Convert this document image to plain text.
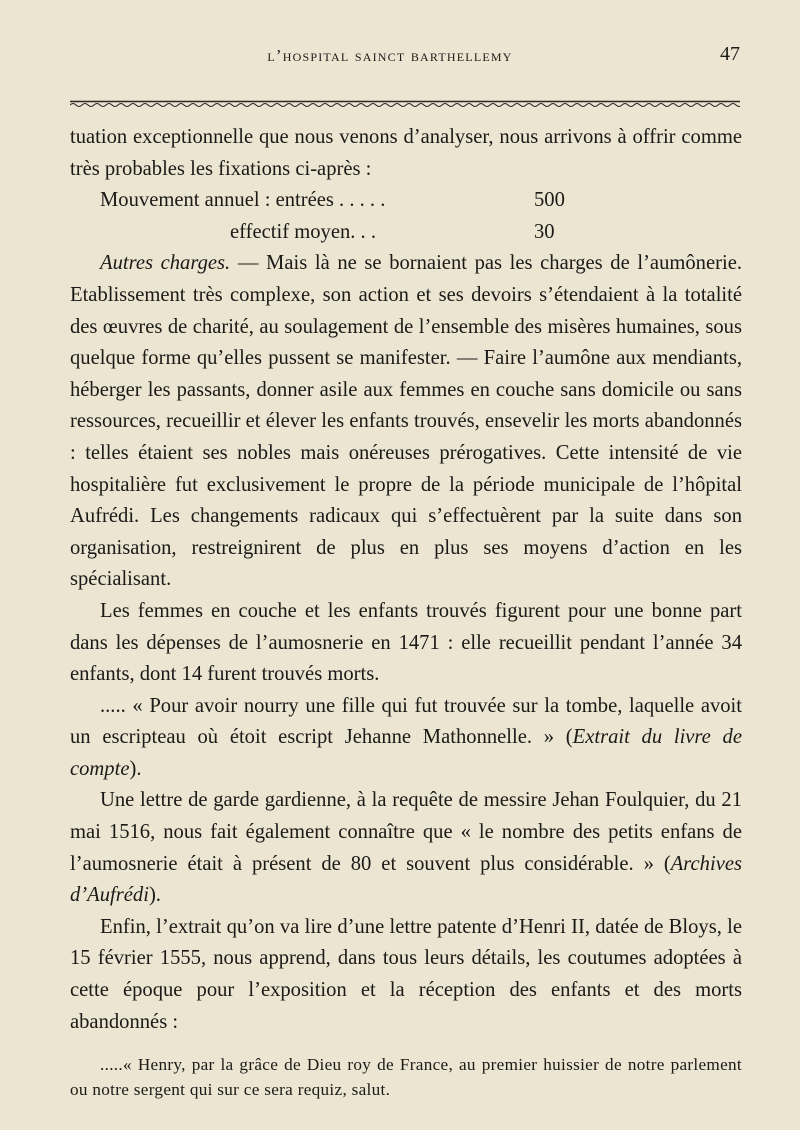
l’hospital sainct barthellemy	47

tuation exceptionnelle que nous venons d’analyser, nous arrivons à offrir comme très probables les fixations ci-après :

Mouvement annuel : entrées . . . . .	500
effectif moyen. . .	30

Autres charges. — Mais là ne se bornaient pas les charges de l’aumônerie. Etablissement très complexe, son action et ses devoirs s’étendaient à la totalité des œuvres de charité, au soulagement de l’ensemble des misères humaines, sous quelque forme qu’elles pussent se manifester. — Faire l’aumône aux mendiants, héberger les passants, donner asile aux femmes en couche sans domicile ou sans ressources, recueillir et élever les enfants trouvés, ensevelir les morts abandonnés : telles étaient ses nobles mais onéreuses prérogatives. Cette intensité de vie hospitalière fut exclusivement le propre de la période municipale de l’hôpital Aufrédi. Les changements radicaux qui s’effectuèrent par la suite dans son organisation, restreignirent de plus en plus ses moyens d’action en les spécialisant.

Les femmes en couche et les enfants trouvés figurent pour une bonne part dans les dépenses de l’aumosnerie en 1471 : elle recueillit pendant l’année 34 enfants, dont 14 furent trouvés morts.

..... « Pour avoir nourry une fille qui fut trouvée sur la tombe, laquelle avoit un escripteau où étoit escript Jehanne Mathonnelle. » (Extrait du livre de compte).

Une lettre de garde gardienne, à la requête de messire Jehan Foulquier, du 21 mai 1516, nous fait également connaître que « le nombre des petits enfans de l’aumosnerie était à présent de 80 et souvent plus considérable. » (Archives d’Aufrédi).

Enfin, l’extrait qu’on va lire d’une lettre patente d’Henri II, datée de Bloys, le 15 février 1555, nous apprend, dans tous leurs détails, les coutumes adoptées à cette époque pour l’exposition et la réception des enfants et des morts abandonnés :

.....« Henry, par la grâce de Dieu roy de France, au premier huissier de notre parlement ou notre sergent qui sur ce sera requiz, salut.
